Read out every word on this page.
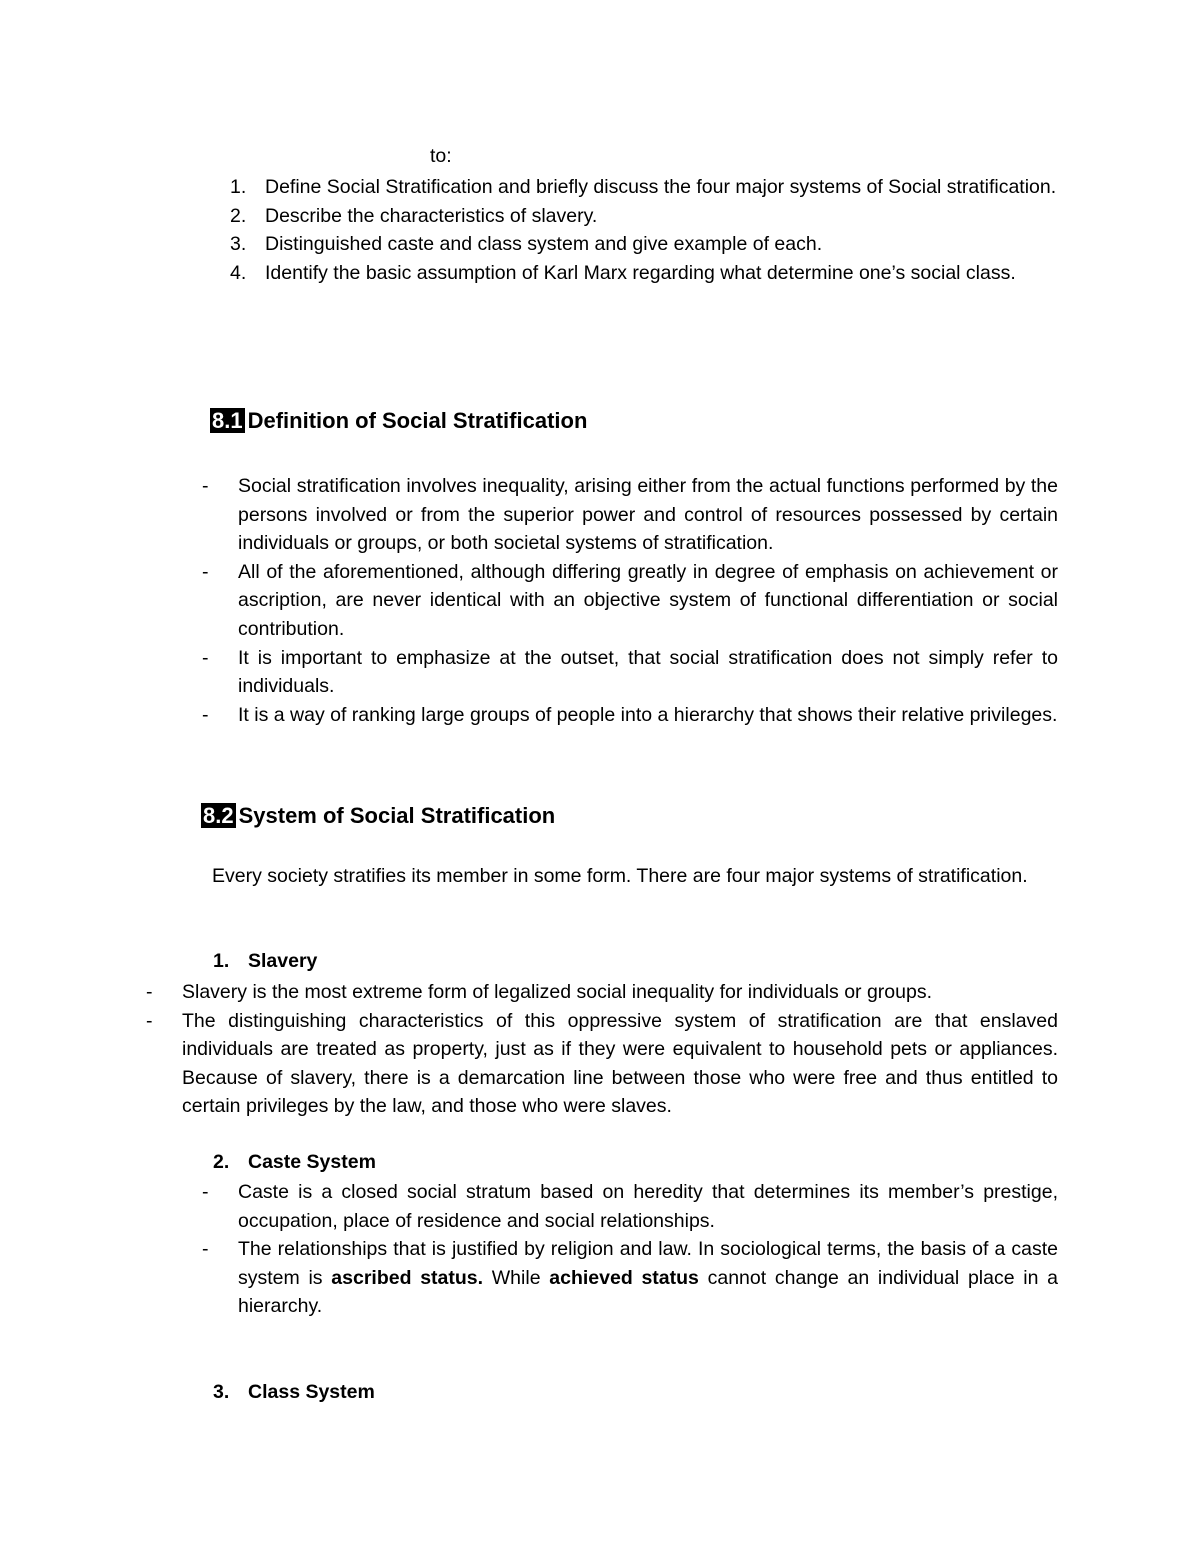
to:
1. Define Social Stratification and briefly discuss the four major systems of Social stratification.
2. Describe the characteristics of slavery.
3. Distinguished caste and class system and give example of each.
4. Identify the basic assumption of Karl Marx regarding what determine one’s social class.
8.1 Definition of Social Stratification
- Social stratification involves inequality, arising either from the actual functions performed by the persons involved or from the superior power and control of resources possessed by certain individuals or groups, or both societal systems of stratification.
- All of the aforementioned, although differing greatly in degree of emphasis on achievement or ascription, are never identical with an objective system of functional differentiation or social contribution.
- It is important to emphasize at the outset, that social stratification does not simply refer to individuals.
- It is a way of ranking large groups of people into a hierarchy that shows their relative privileges.
8.2 System of Social Stratification

Every society stratifies its member in some form. There are four major systems of stratification.

1. Slavery
- Slavery is the most extreme form of legalized social inequality for individuals or groups.
- The distinguishing characteristics of this oppressive system of stratification are that enslaved individuals are treated as property, just as if they were equivalent to household pets or appliances. Because of slavery, there is a demarcation line between those who were free and thus entitled to certain privileges by the law, and those who were slaves.
2. Caste System
- Caste is a closed social stratum based on heredity that determines its member’s prestige, occupation, place of residence and social relationships.
- The relationships that is justified by religion and law. In sociological terms, the basis of a caste system is ascribed status. While achieved status cannot change an individual place in a hierarchy.
3. Class System
